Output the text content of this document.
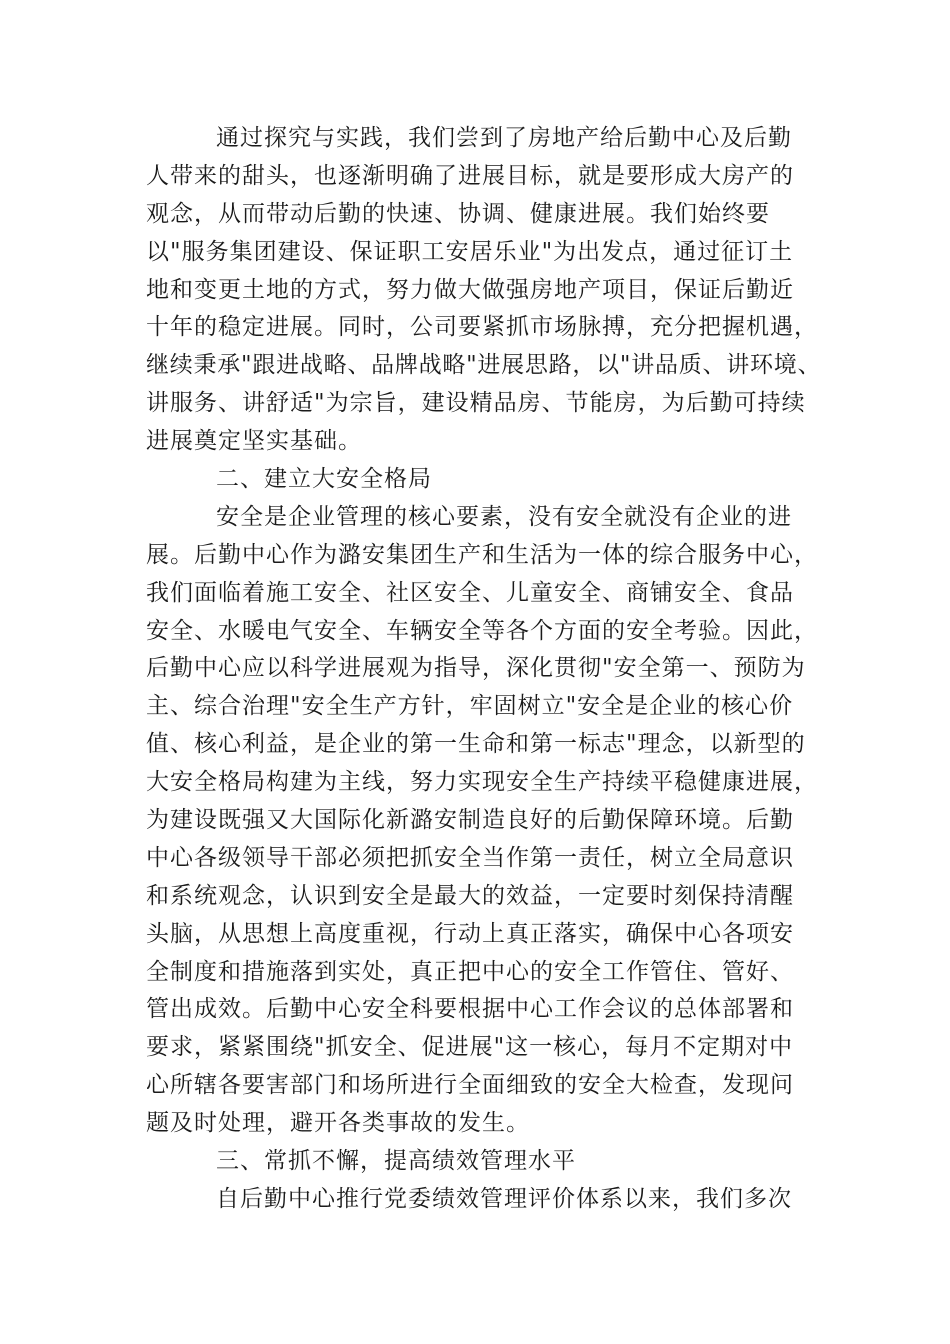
通过探究与实践，我们尝到了房地产给后勤中心及后勤
人带来的甜头，也逐渐明确了进展目标，就是要形成大房产的
观念，从而带动后勤的快速、协调、健康进展。我们始终要
以"服务集团建设、保证职工安居乐业"为出发点，通过征订土
地和变更土地的方式，努力做大做强房地产项目，保证后勤近
十年的稳定进展。同时，公司要紧抓市场脉搏，充分把握机遇，
继续秉承"跟进战略、品牌战略"进展思路，以"讲品质、讲环境、
讲服务、讲舒适"为宗旨，建设精品房、节能房，为后勤可持续
进展奠定坚实基础。
二、建立大安全格局
安全是企业管理的核心要素，没有安全就没有企业的进
展。后勤中心作为潞安集团生产和生活为一体的综合服务中心，
我们面临着施工安全、社区安全、儿童安全、商铺安全、食品
安全、水暖电气安全、车辆安全等各个方面的安全考验。因此，
后勤中心应以科学进展观为指导，深化贯彻"安全第一、预防为
主、综合治理"安全生产方针，牢固树立"安全是企业的核心价
值、核心利益，是企业的第一生命和第一标志"理念，以新型的
大安全格局构建为主线，努力实现安全生产持续平稳健康进展，
为建设既强又大国际化新潞安制造良好的后勤保障环境。后勤
中心各级领导干部必须把抓安全当作第一责任，树立全局意识
和系统观念，认识到安全是最大的效益，一定要时刻保持清醒
头脑，从思想上高度重视，行动上真正落实，确保中心各项安
全制度和措施落到实处，真正把中心的安全工作管住、管好、
管出成效。后勤中心安全科要根据中心工作会议的总体部署和
要求，紧紧围绕"抓安全、促进展"这一核心，每月不定期对中
心所辖各要害部门和场所进行全面细致的安全大检查，发现问
题及时处理，避开各类事故的发生。
三、常抓不懈，提高绩效管理水平
自后勤中心推行党委绩效管理评价体系以来，我们多次
